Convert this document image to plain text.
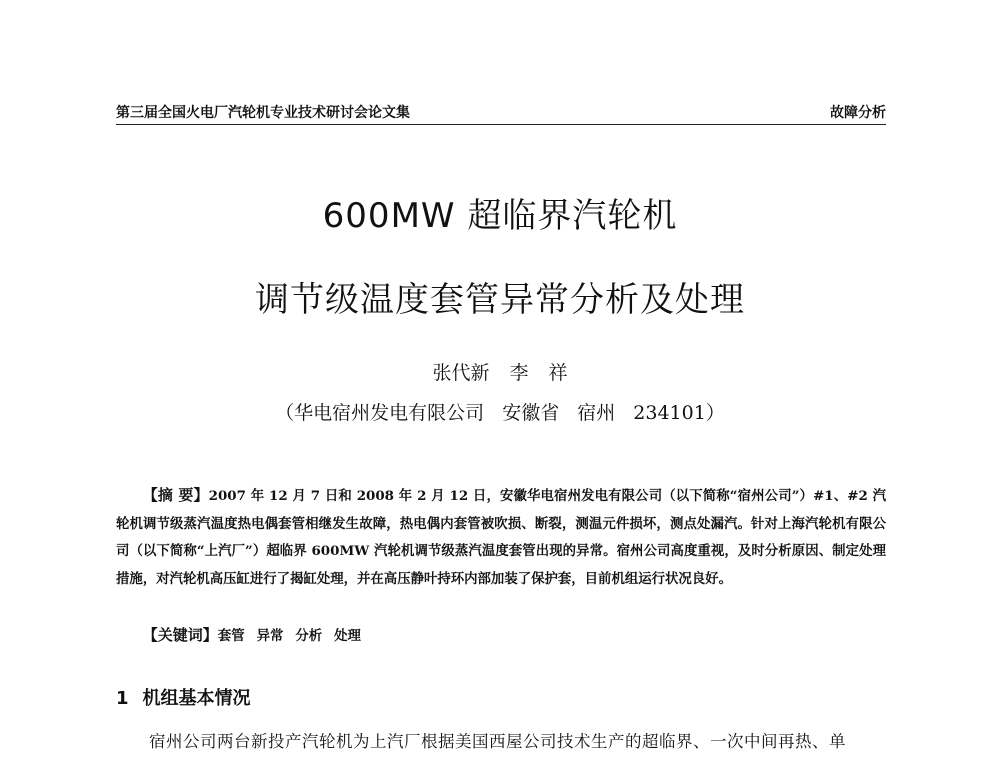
第三届全国火电厂汽轮机专业技术研讨会论文集	故障分析
600MW 超临界汽轮机
调节级温度套管异常分析及处理
张代新 李 祥
（华电宿州发电有限公司 安徽省 宿州 234101）

【摘 要】2007 年 12 月 7 日和 2008 年 2 月 12 日，安徽华电宿州发电有限公司（以下简称“宿州公司”）#1、#2 汽轮机调节级蒸汽温度热电偶套管相继发生故障，热电偶内套管被吹损、断裂，测温元件损坏，测点处漏汽。针对上海汽轮机有限公司（以下简称“上汽厂”）超临界 600MW 汽轮机调节级蒸汽温度套管出现的异常。宿州公司高度重视，及时分析原因、制定处理措施，对汽轮机高压缸进行了揭缸处理，并在高压静叶持环内部加装了保护套，目前机组运行状况良好。

【关键词】套管 异常 分析 处理

1 机组基本情况

宿州公司两台新投产汽轮机为上汽厂根据美国西屋公司技术生产的超临界、一次中间再热、单
